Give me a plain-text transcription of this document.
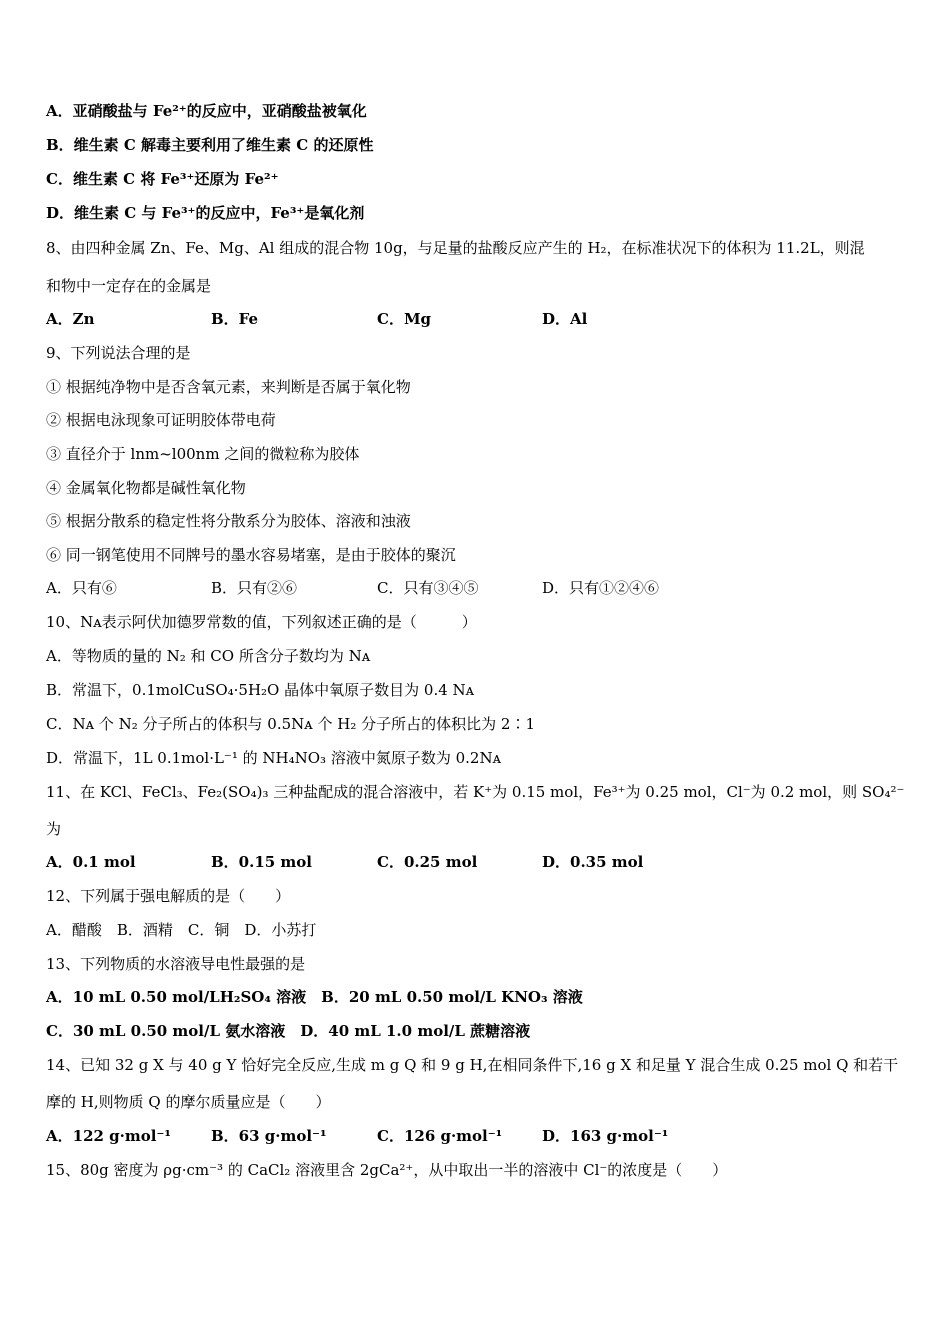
A．亚硝酸盐与 Fe²⁺的反应中，亚硝酸盐被氧化
B．维生素 C 解毒主要利用了维生素 C 的还原性
C．维生素 C 将 Fe³⁺还原为 Fe²⁺
D．维生素 C 与 Fe³⁺的反应中，Fe³⁺是氧化剂
8、由四种金属 Zn、Fe、Mg、Al 组成的混合物 10g，与足量的盐酸反应产生的 H₂，在标准状况下的体积为 11.2L，则混
和物中一定存在的金属是
A．Zn	B．Fe	C．Mg	D．Al
9、下列说法合理的是
① 根据纯净物中是否含氧元素，来判断是否属于氧化物
② 根据电泳现象可证明胶体带电荷
③ 直径介于 lnm~l00nm 之间的微粒称为胶体
④ 金属氧化物都是碱性氧化物
⑤ 根据分散系的稳定性将分散系分为胶体、溶液和浊液
⑥ 同一钢笔使用不同牌号的墨水容易堵塞，是由于胶体的聚沉
A．只有⑥	B．只有②⑥	C．只有③④⑤	D．只有①②④⑥
10、Nᴀ表示阿伏加德罗常数的值，下列叙述正确的是（　　　）
A．等物质的量的 N₂ 和 CO 所含分子数均为 Nᴀ
B．常温下，0.1molCuSO₄·5H₂O 晶体中氧原子数目为 0.4 Nᴀ
C．Nᴀ 个 N₂ 分子所占的体积与 0.5Nᴀ 个 H₂ 分子所占的体积比为 2∶1
D．常温下，1L 0.1mol·L⁻¹ 的 NH₄NO₃ 溶液中氮原子数为 0.2Nᴀ
11、在 KCl、FeCl₃、Fe₂(SO₄)₃ 三种盐配成的混合溶液中，若 K⁺为 0.15 mol，Fe³⁺为 0.25 mol，Cl⁻为 0.2 mol，则 SO₄²⁻
为
A．0.1 mol	B．0.15 mol	C．0.25 mol	D．0.35 mol
12、下列属于强电解质的是（　　）
A．醋酸　B．酒精　C．铜　D．小苏打
13、下列物质的水溶液导电性最强的是
A．10 mL 0.50 mol/LH₂SO₄ 溶液　B．20 mL 0.50 mol/L KNO₃ 溶液
C．30 mL 0.50 mol/L 氨水溶液　D．40 mL 1.0 mol/L 蔗糖溶液
14、已知 32 g X 与 40 g Y 恰好完全反应,生成 m g Q 和 9 g H,在相同条件下,16 g X 和足量 Y 混合生成 0.25 mol Q 和若干
摩的 H,则物质 Q 的摩尔质量应是（　　）
A．122 g·mol⁻¹	B．63 g·mol⁻¹	C．126 g·mol⁻¹	D．163 g·mol⁻¹
15、80g 密度为 ρg·cm⁻³ 的 CaCl₂ 溶液里含 2gCa²⁺，从中取出一半的溶液中 Cl⁻的浓度是（　　）
